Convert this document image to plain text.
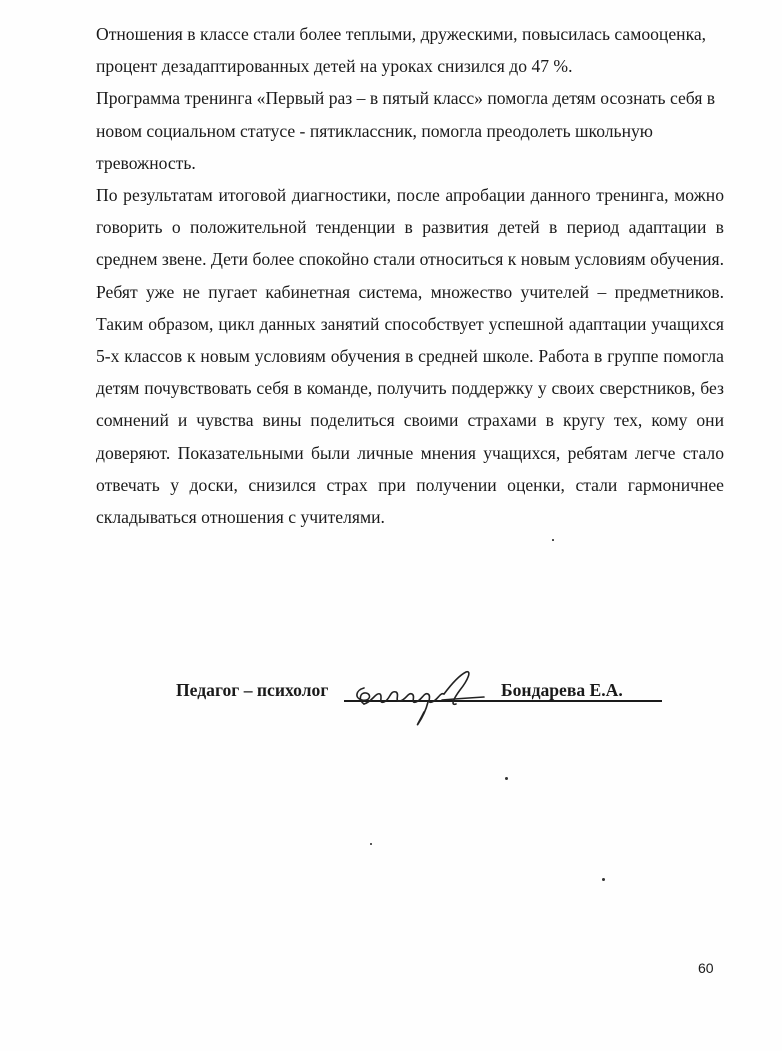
Отношения в классе стали более теплыми, дружескими, повысилась самооценка, процент дезадаптированных детей на уроках снизился до 47 %.

Программа тренинга «Первый раз – в пятый класс» помогла детям осознать себя в новом социальном статусе - пятиклассник, помогла преодолеть школьную тревожность.

По результатам итоговой диагностики, после апробации данного тренинга, можно говорить о положительной тенденции в развития детей в период адаптации в среднем звене. Дети более спокойно стали относиться к новым условиям обучения. Ребят уже не пугает кабинетная система, множество учителей – предметников. Таким образом, цикл данных занятий способствует успешной адаптации учащихся 5-х классов к новым условиям обучения в средней школе. Работа в группе помогла детям почувствовать себя в команде, получить поддержку у своих сверстников, без сомнений и чувства вины поделиться своими страхами в кругу тех, кому они доверяют. Показательными были личные мнения учащихся, ребятам легче стало отвечать у доски, снизился страх при получении оценки, стали гармоничнее складываться отношения с учителями.

Педагог – психолог	Бондарева Е.А.
60
